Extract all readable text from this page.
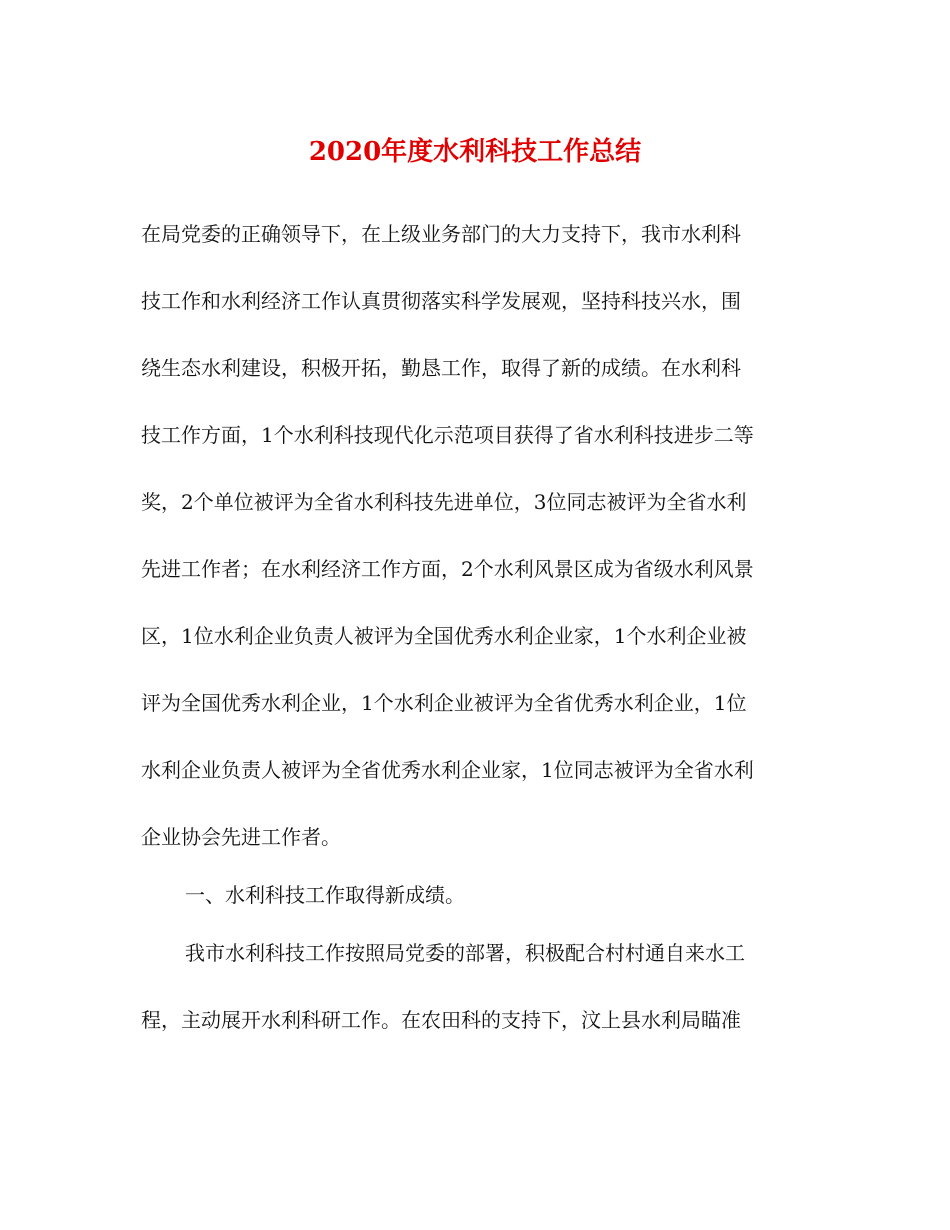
2020年度水利科技工作总结
在局党委的正确领导下，在上级业务部门的大力支持下，我市水利科
技工作和水利经济工作认真贯彻落实科学发展观，坚持科技兴水，围
绕生态水利建设，积极开拓，勤恳工作，取得了新的成绩。在水利科
技工作方面，1个水利科技现代化示范项目获得了省水利科技进步二等
奖，2个单位被评为全省水利科技先进单位，3位同志被评为全省水利
先进工作者；在水利经济工作方面，2个水利风景区成为省级水利风景
区，1位水利企业负责人被评为全国优秀水利企业家，1个水利企业被
评为全国优秀水利企业，1个水利企业被评为全省优秀水利企业，1位
水利企业负责人被评为全省优秀水利企业家，1位同志被评为全省水利
企业协会先进工作者。
一、水利科技工作取得新成绩。
我市水利科技工作按照局党委的部署，积极配合村村通自来水工
程，主动展开水利科研工作。在农田科的支持下，汶上县水利局瞄准
